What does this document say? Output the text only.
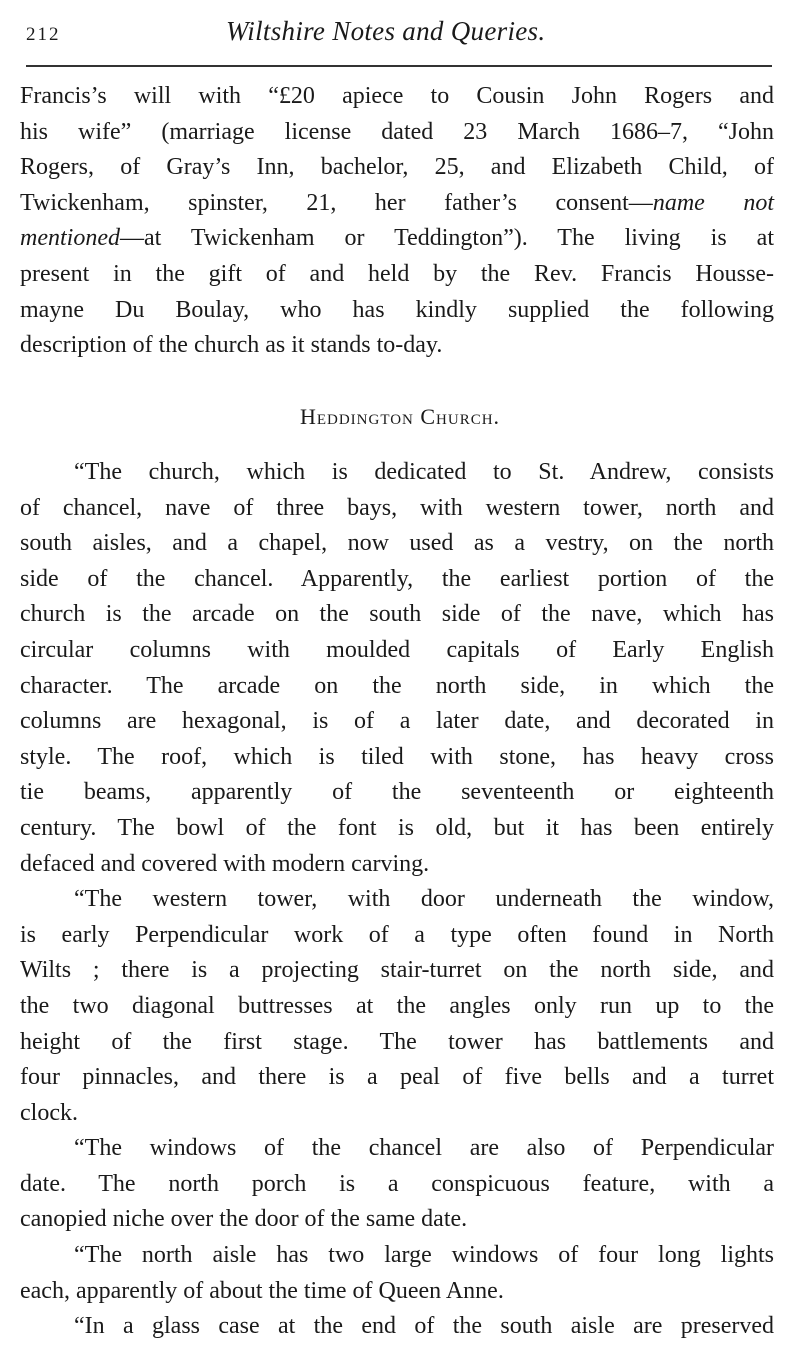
212	Wiltshire Notes and Queries.
Francis’s will with “£20 apiece to Cousin John Rogers and
his wife” (marriage license dated 23 March 1686–7, “John
Rogers, of Gray’s Inn, bachelor, 25, and Elizabeth Child, of
Twickenham, spinster, 21, her father’s consent—name not
mentioned—at Twickenham or Teddington”). The living is at
present in the gift of and held by the Rev. Francis Housse-
mayne Du Boulay, who has kindly supplied the following
description of the church as it stands to-day.
Heddington Church.
“The church, which is dedicated to St. Andrew, consists
of chancel, nave of three bays, with western tower, north and
south aisles, and a chapel, now used as a vestry, on the north
side of the chancel. Apparently, the earliest portion of the
church is the arcade on the south side of the nave, which has
circular columns with moulded capitals of Early English
character. The arcade on the north side, in which the
columns are hexagonal, is of a later date, and decorated in
style. The roof, which is tiled with stone, has heavy cross
tie beams, apparently of the seventeenth or eighteenth
century. The bowl of the font is old, but it has been entirely
defaced and covered with modern carving.
“The western tower, with door underneath the window,
is early Perpendicular work of a type often found in North
Wilts ; there is a projecting stair-turret on the north side, and
the two diagonal buttresses at the angles only run up to the
height of the first stage. The tower has battlements and
four pinnacles, and there is a peal of five bells and a turret
clock.
“The windows of the chancel are also of Perpendicular
date. The north porch is a conspicuous feature, with a
canopied niche over the door of the same date.
“The north aisle has two large windows of four long lights
each, apparently of about the time of Queen Anne.
“In a glass case at the end of the south aisle are preserved
